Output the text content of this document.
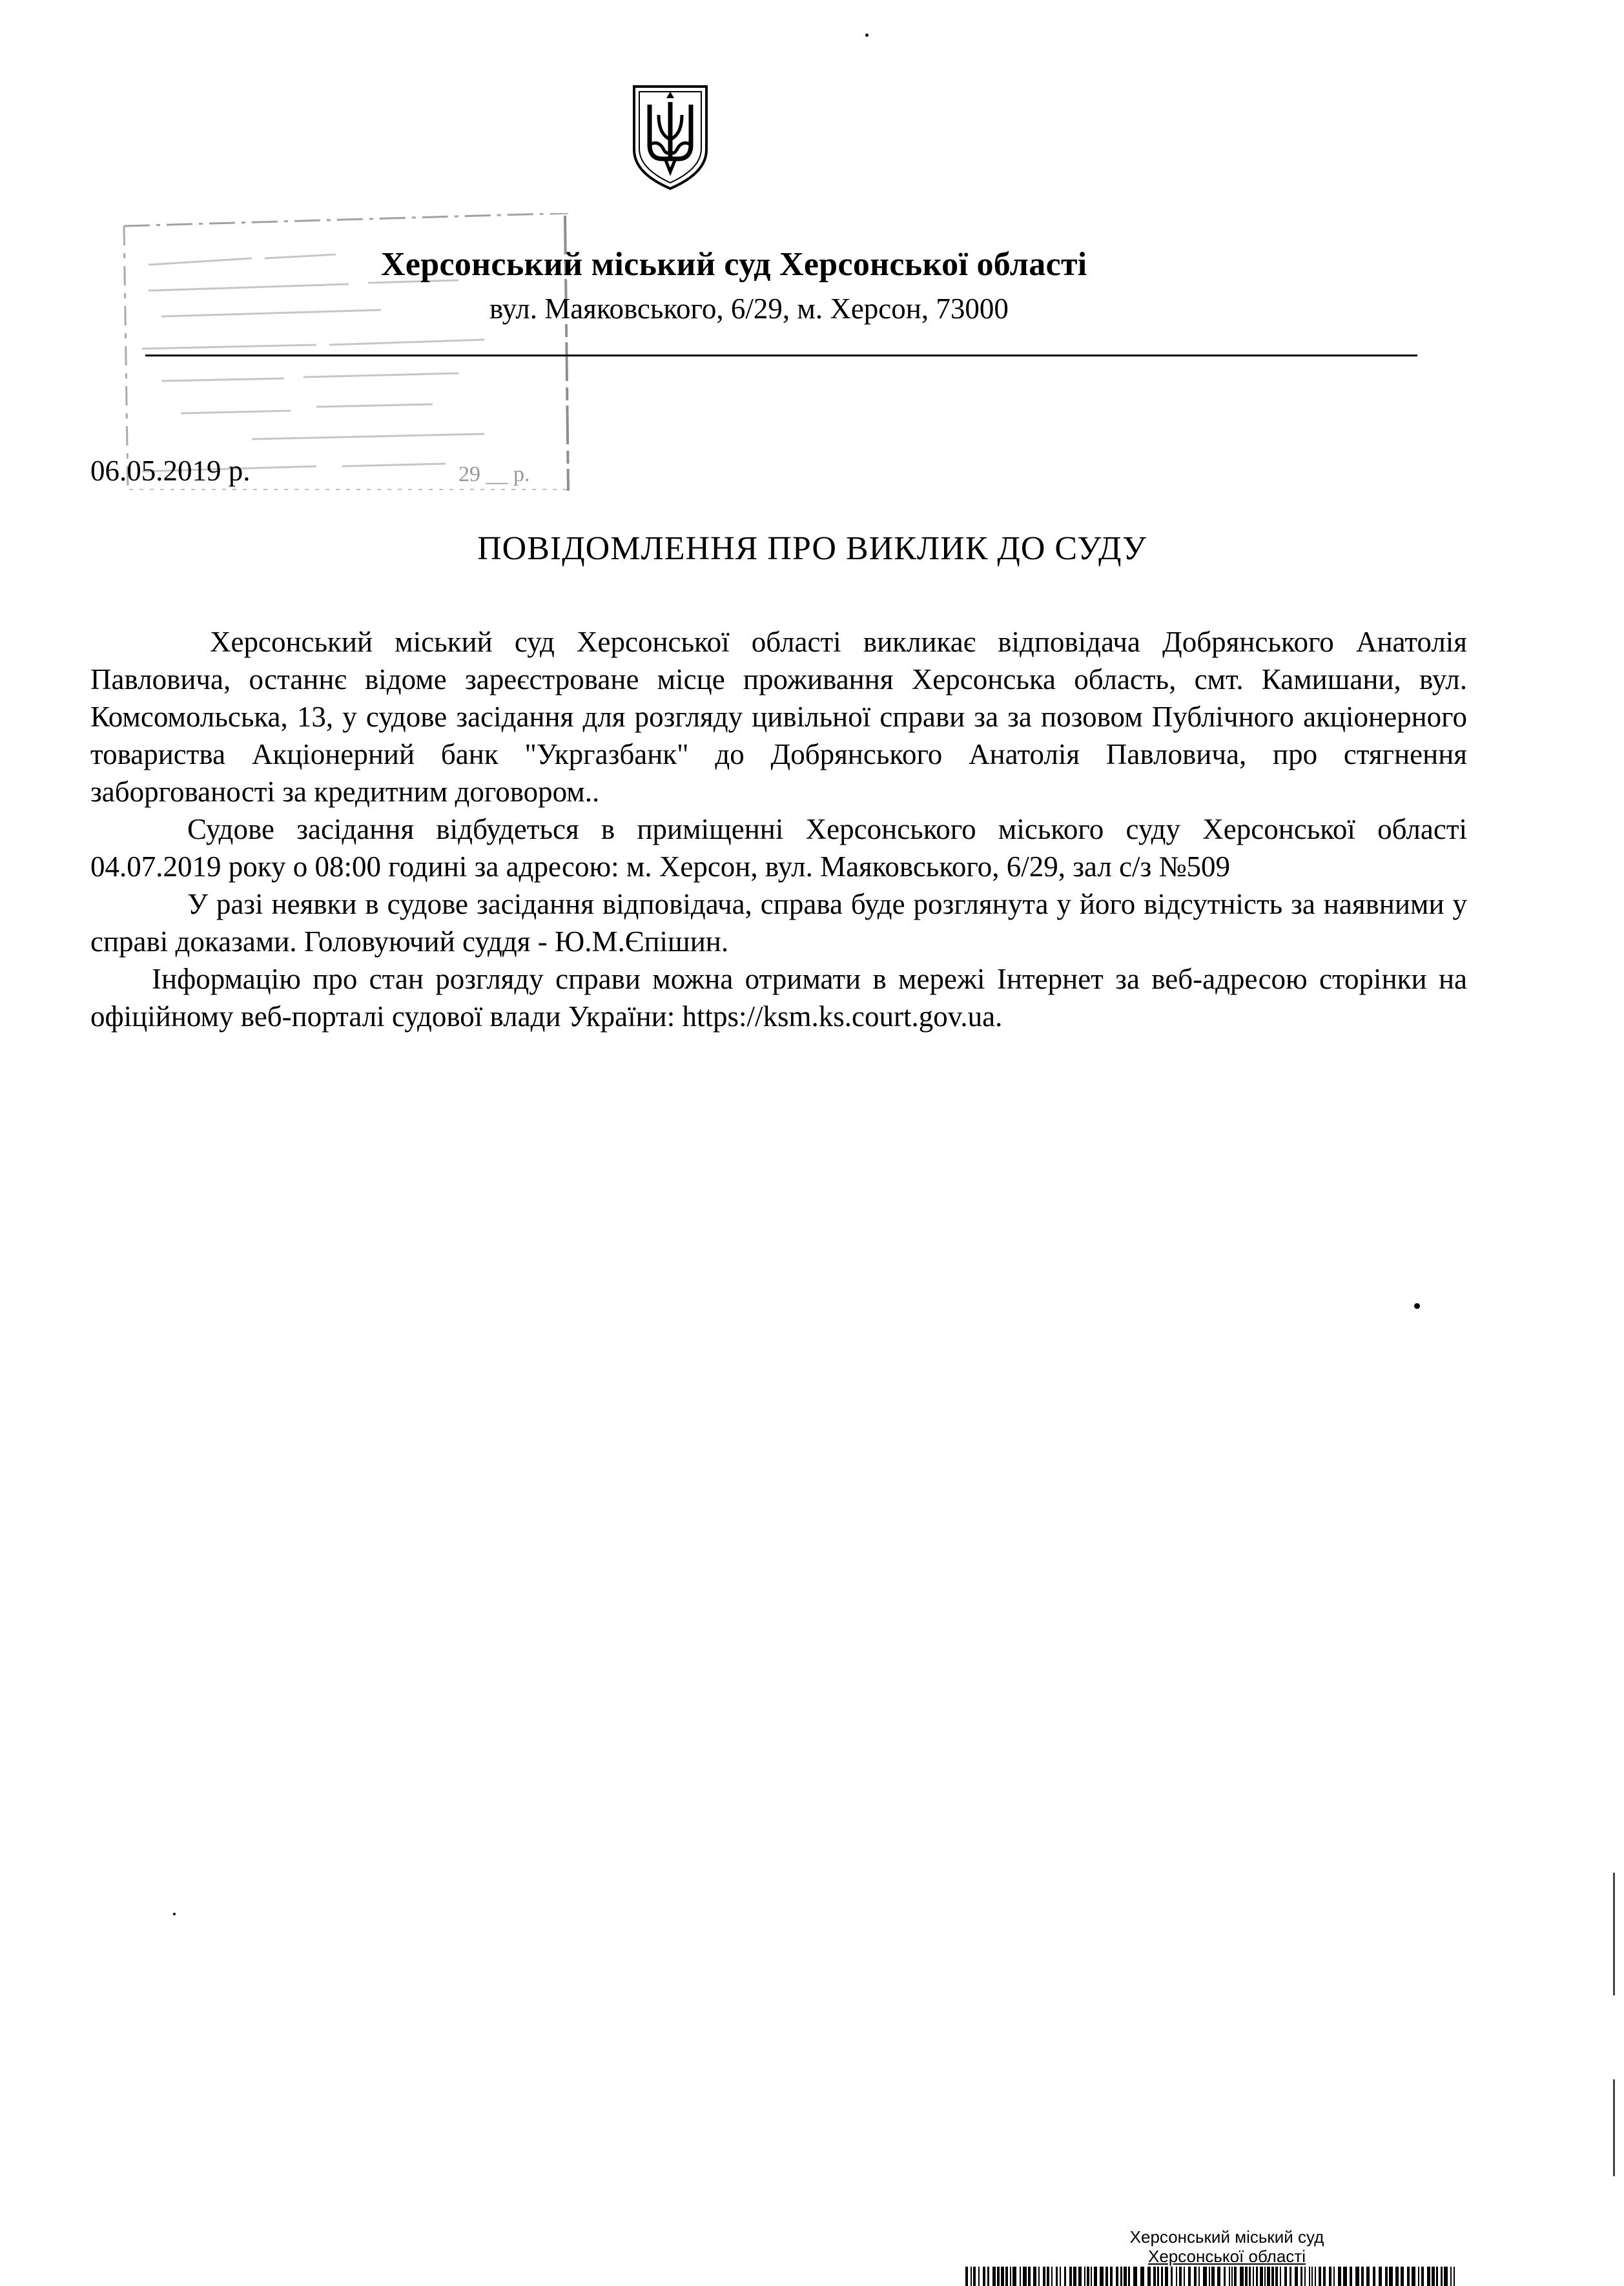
29 __ р.
Херсонський міський суд Херсонської області
вул. Маяковського, 6/29, м. Херсон, 73000
06.05.2019 р.
ПОВІДОМЛЕННЯ ПРО ВИКЛИК ДО СУДУ

Херсонський міський суд Херсонської області викликає відповідача Добрянського Анатолія Павловича, останнє відоме зареєстроване місце проживання Херсонська область, смт. Камишани, вул. Комсомольська, 13, у судове засідання для розгляду цивільної справи за за позовом Публічного акціонерного товариства Акціонерний банк "Укргазбанк" до Добрянського Анатолія Павловича, про стягнення заборгованості за кредитним договором..

Судове засідання відбудеться в приміщенні Херсонського міського суду Херсонської області 04.07.2019 року о 08:00 годині за адресою: м. Херсон, вул. Маяковського, 6/29, зал с/з №509

У разі неявки в судове засідання відповідача, справа буде розглянута у його відсутність за наявними у справі доказами. Головуючий суддя - Ю.М.Єпішин.

Інформацію про стан розгляду справи можна отримати в мережі Інтернет за веб-адресою сторінки на офіційному веб-порталі судової влади України: https://ksm.ks.court.gov.ua.

Херсонський міський суд
Херсонської області
